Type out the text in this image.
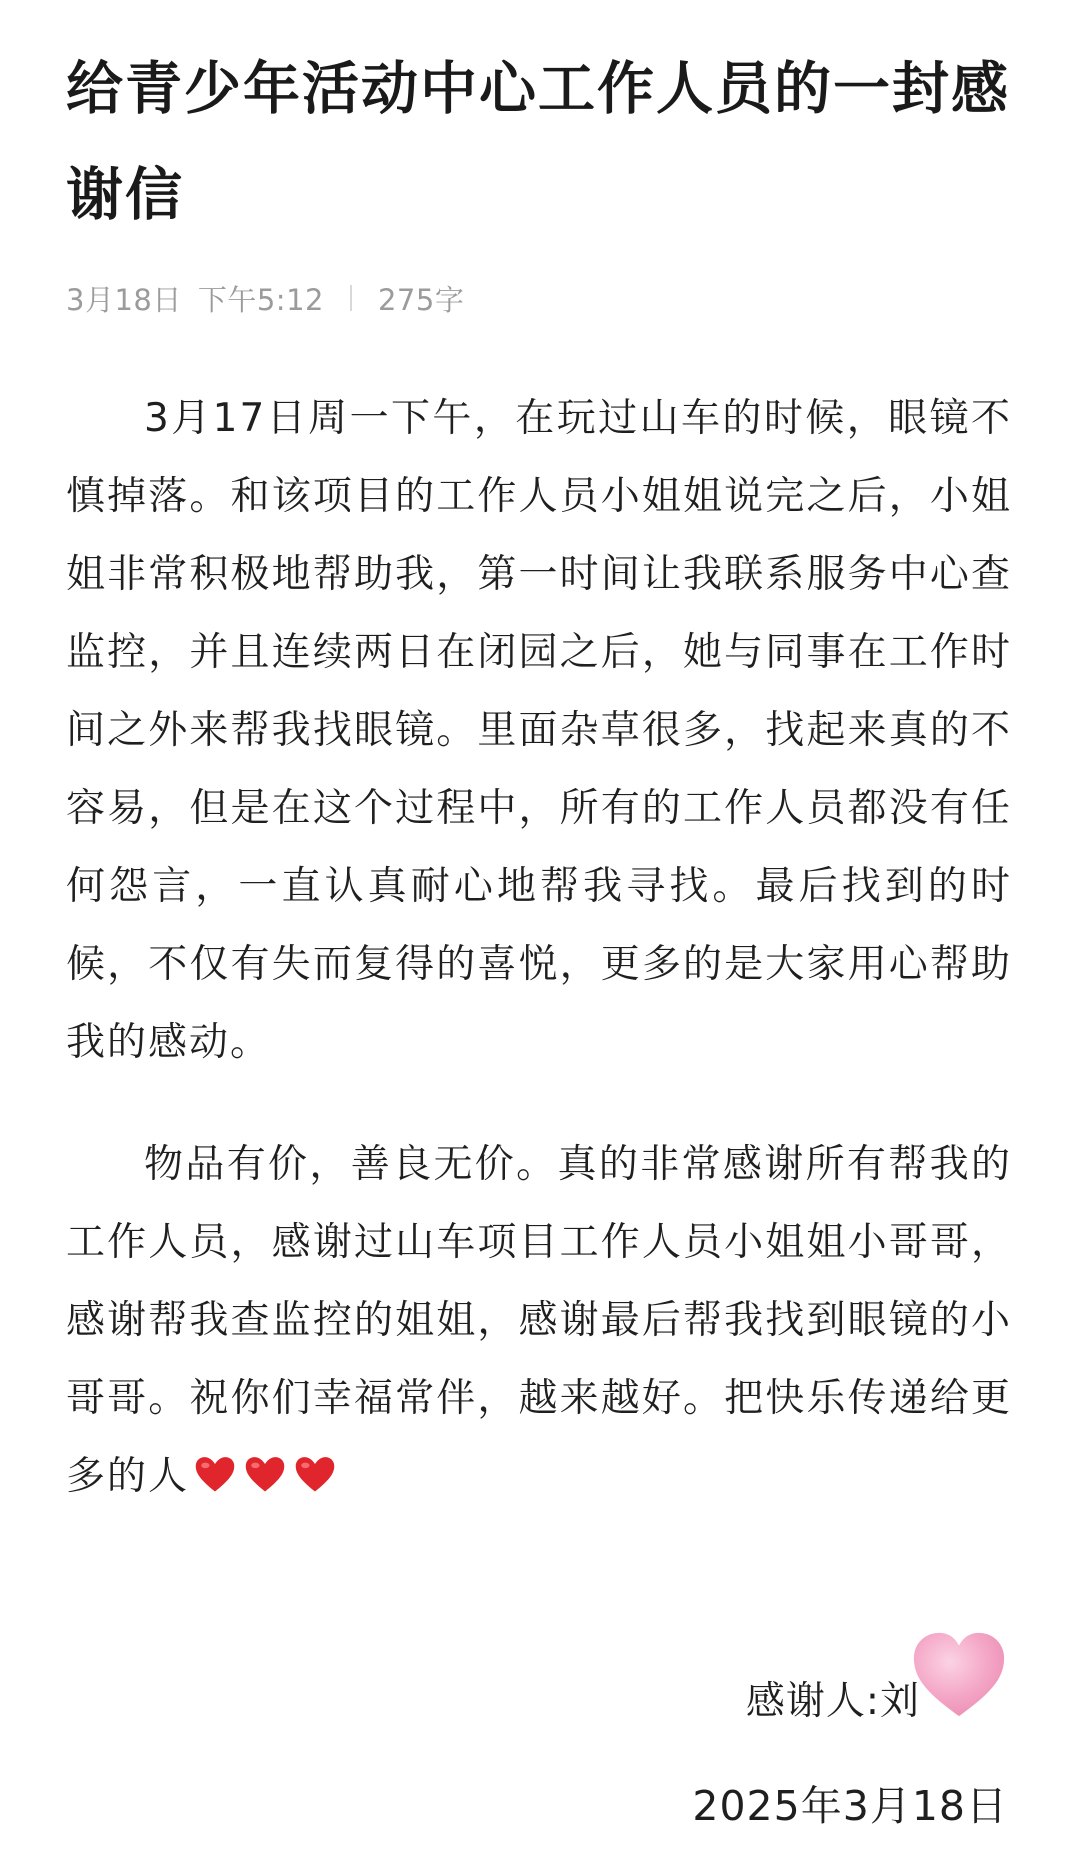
给青少年活动中心工作人员的一封感谢信
3月18日 下午5:12 275字

3月17日周一下午，在玩过山车的时候，眼镜不慎掉落。和该项目的工作人员小姐姐说完之后，小姐姐非常积极地帮助我，第一时间让我联系服务中心查监控，并且连续两日在闭园之后，她与同事在工作时间之外来帮我找眼镜。里面杂草很多，找起来真的不容易，但是在这个过程中，所有的工作人员都没有任何怨言，一直认真耐心地帮我寻找。最后找到的时候，不仅有失而复得的喜悦，更多的是大家用心帮助我的感动。

物品有价，善良无价。真的非常感谢所有帮我的工作人员，感谢过山车项目工作人员小姐姐小哥哥，感谢帮我查监控的姐姐，感谢最后帮我找到眼镜的小哥哥。祝你们幸福常伴，越来越好。把快乐传递给更多的人

感谢人: 刘
2025年3月18日
